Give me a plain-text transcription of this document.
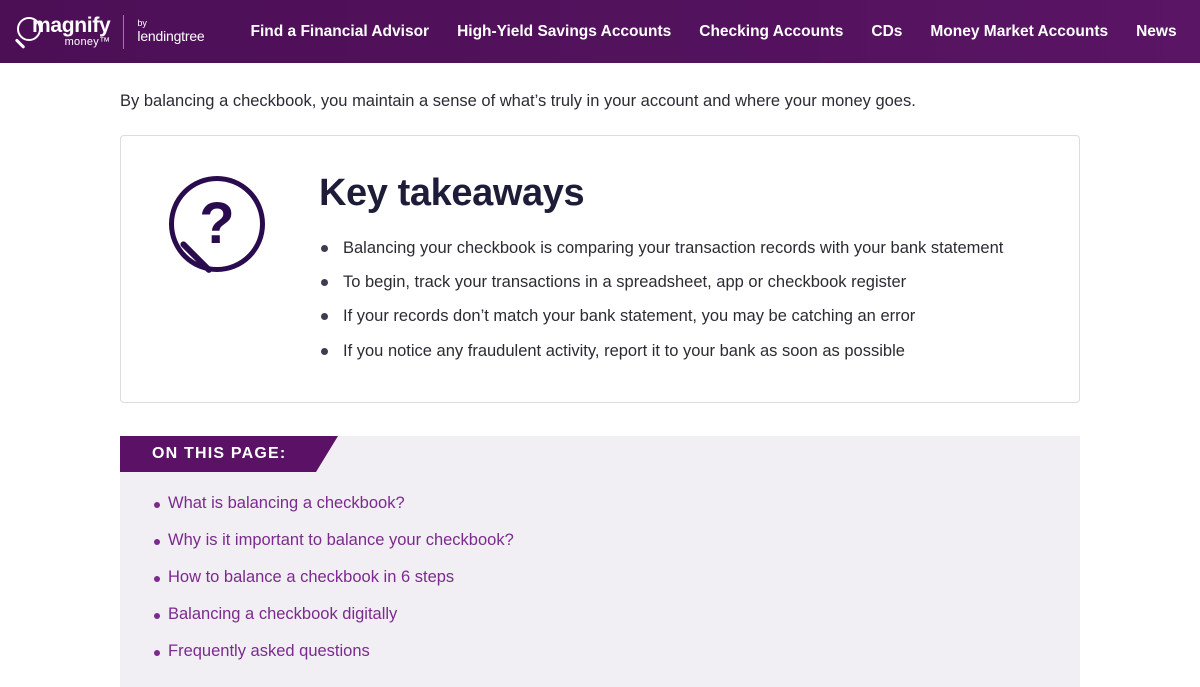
magnify
money™
by
lendingtree	Find a Financial Advisor	High-Yield Savings Accounts	Checking Accounts	CDs	Money Market Accounts	News

By balancing a checkbook, you maintain a sense of what’s truly in your account and where your money goes.

?	Key takeaways
Balancing your checkbook is comparing your transaction records with your bank statement
To begin, track your transactions in a spreadsheet, app or checkbook register
If your records don’t match your bank statement, you may be catching an error
If you notice any fraudulent activity, report it to your bank as soon as possible
ON THIS PAGE:
What is balancing a checkbook?
Why is it important to balance your checkbook?
How to balance a checkbook in 6 steps
Balancing a checkbook digitally
Frequently asked questions
